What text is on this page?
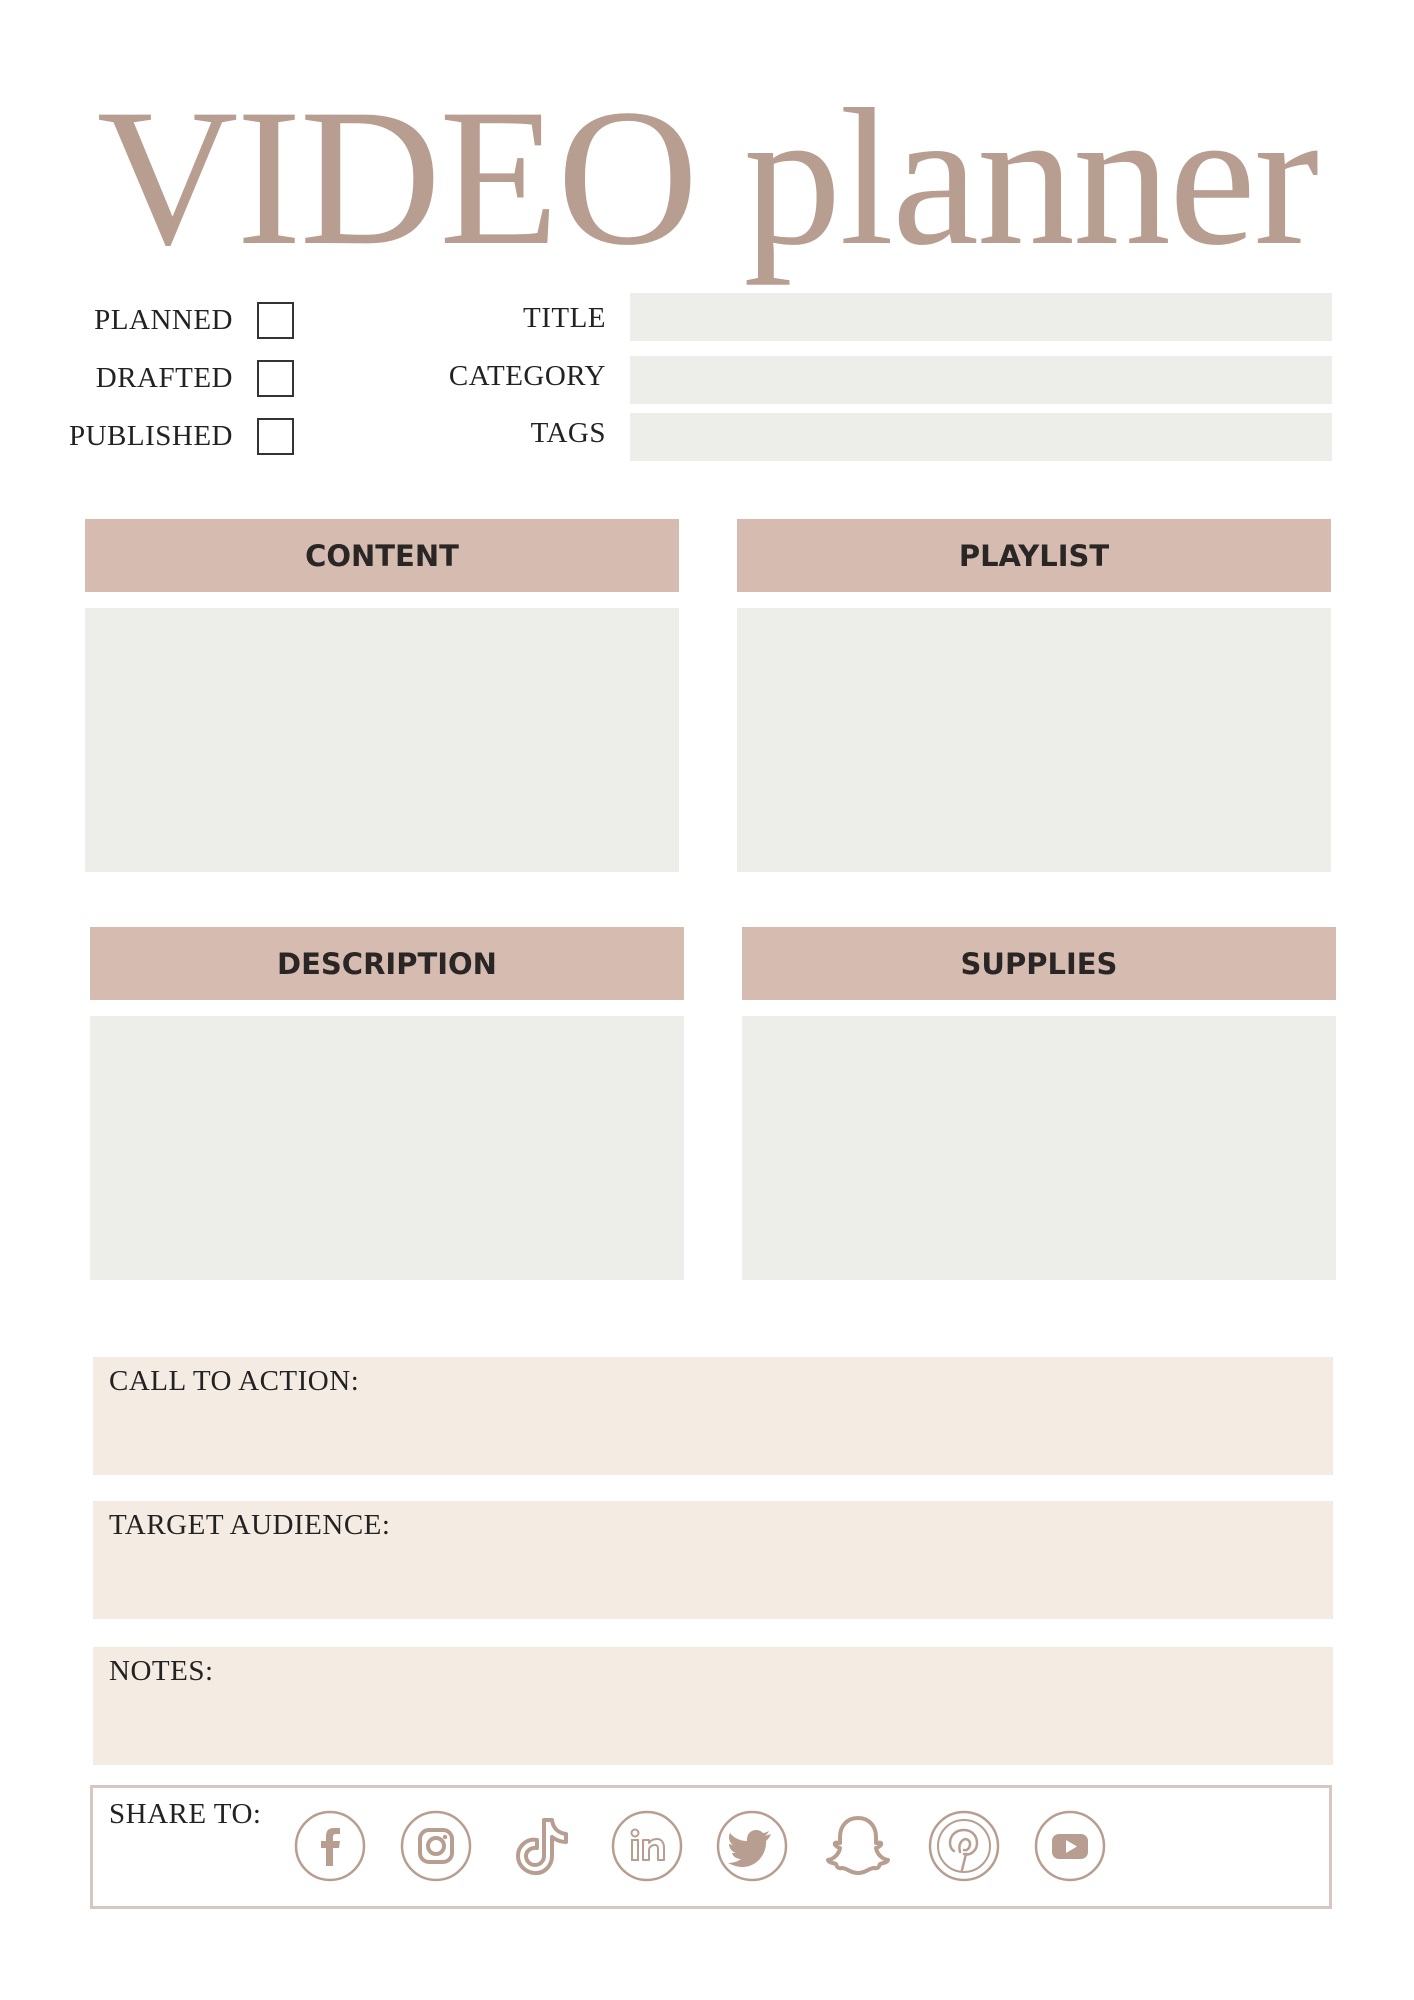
VIDEO planner
PLANNED
DRAFTED
PUBLISHED
TITLE
CATEGORY
TAGS
CONTENT	PLAYLIST
DESCRIPTION	SUPPLIES
CALL TO ACTION:
TARGET AUDIENCE:
NOTES:
SHARE TO:
